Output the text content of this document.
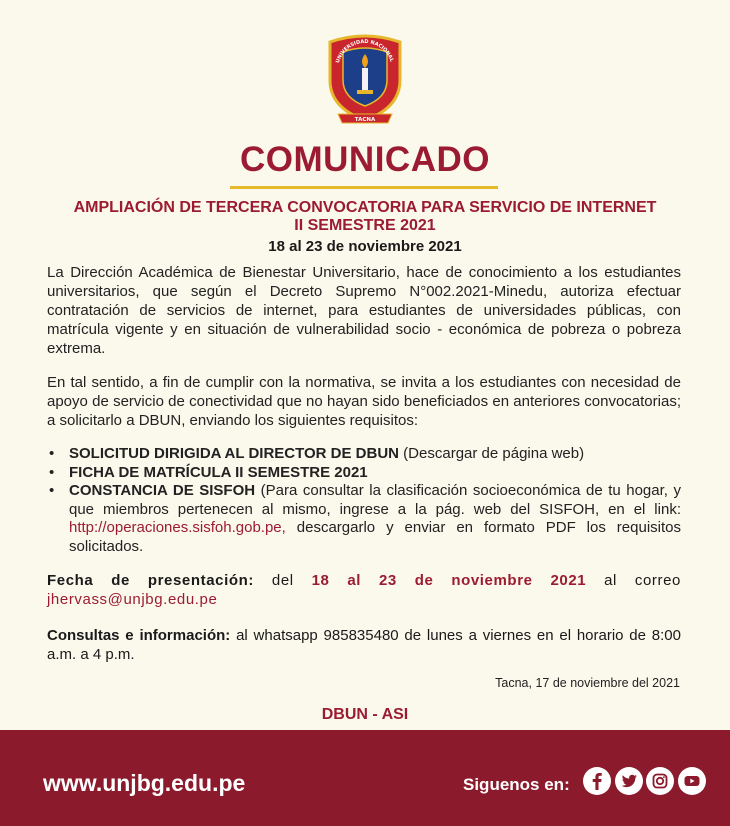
UNIVERSIDAD NACIONAL
TACNA
COMUNICADO
AMPLIACIÓN DE TERCERA CONVOCATORIA PARA SERVICIO DE INTERNET II SEMESTRE 2021
18 al 23 de noviembre 2021

La Dirección Académica de Bienestar Universitario, hace de conocimiento a los estudiantes universitarios, que según el Decreto Supremo N°002.2021-Minedu, autoriza efectuar contratación de servicios de internet, para estudiantes de universidades públicas, con matrícula vigente y en situación de vulnerabilidad socio - económica de pobreza o pobreza extrema.

En tal sentido, a fin de cumplir con la normativa, se invita a los estudiantes con necesidad de apoyo de servicio de conectividad que no hayan sido beneficiados en anteriores convocatorias; a solicitarlo a DBUN, enviando los siguientes requisitos:

• SOLICITUD DIRIGIDA AL DIRECTOR DE DBUN (Descargar de página web)
• FICHA DE MATRÍCULA II SEMESTRE 2021
• CONSTANCIA DE SISFOH (Para consultar la clasificación socioeconómica de tu hogar, y que miembros pertenecen al mismo, ingrese a la pág. web del SISFOH, en el link: http://operaciones.sisfoh.gob.pe, descargarlo y enviar en formato PDF los requisitos solicitados.

Fecha de presentación: del 18 al 23 de noviembre 2021 al correo jhervass@unjbg.edu.pe

Consultas e información: al whatsapp 985835480 de lunes a viernes en el horario de 8:00 a.m. a 4 p.m.

Tacna, 17 de noviembre del 2021
DBUN - ASI
www.unjbg.edu.pe	Siguenos en:
